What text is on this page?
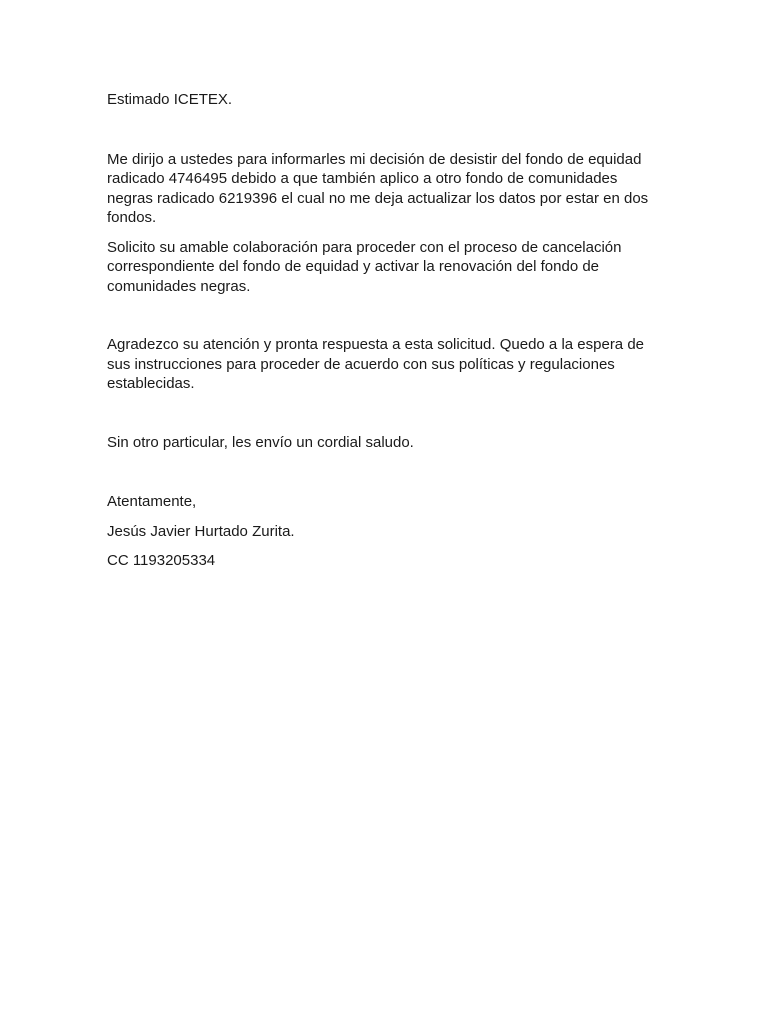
Estimado ICETEX.

Me dirijo a ustedes para informarles mi decisión de desistir del fondo de equidad radicado 4746495 debido a que también aplico a otro fondo de comunidades negras radicado 6219396 el cual no me deja actualizar los datos por estar en dos fondos.

Solicito su amable colaboración para proceder con el proceso de cancelación correspondiente del fondo de equidad y activar la renovación del fondo de comunidades negras.

Agradezco su atención y pronta respuesta a esta solicitud. Quedo a la espera de sus instrucciones para proceder de acuerdo con sus políticas y regulaciones establecidas.

Sin otro particular, les envío un cordial saludo.

Atentamente,

Jesús Javier Hurtado Zurita.

CC 1193205334
